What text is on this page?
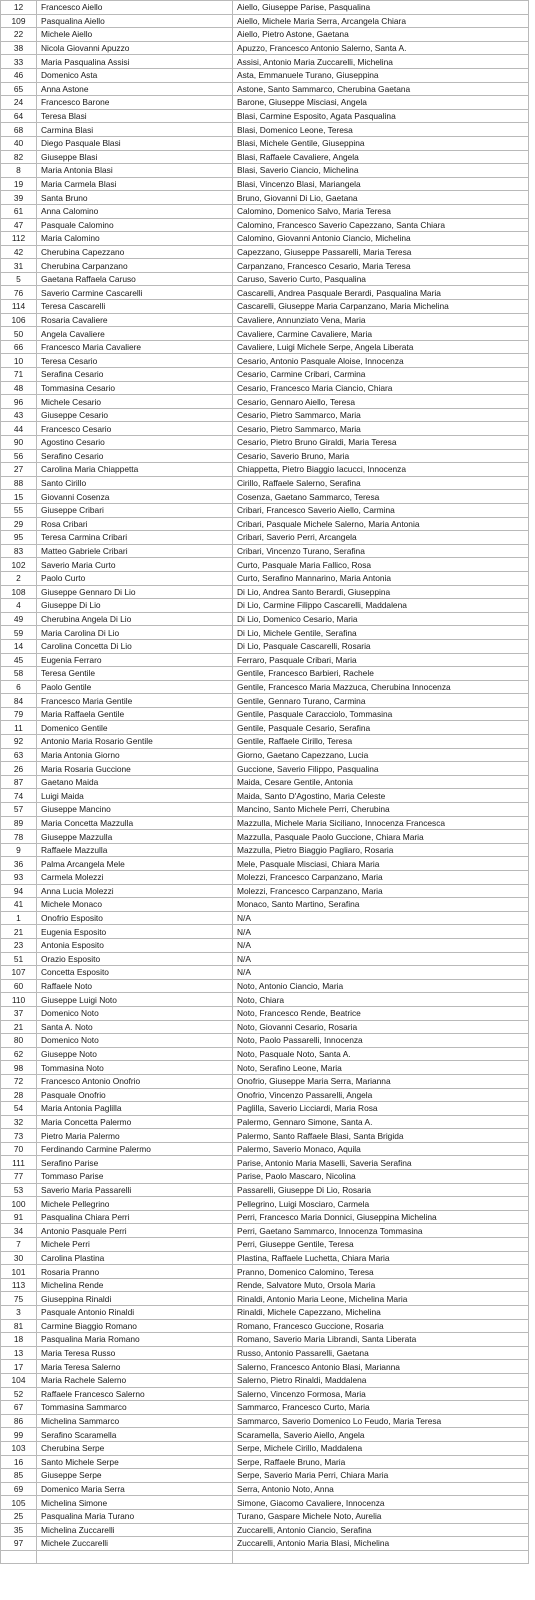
12	Francesco Aiello	Aiello, Giuseppe Parise, Pasqualina
109	Pasqualina Aiello	Aiello, Michele Maria Serra, Arcangela Chiara
22	Michele Aiello	Aiello, Pietro Astone, Gaetana
38	Nicola Giovanni Apuzzo	Apuzzo, Francesco Antonio Salerno, Santa A.
33	Maria Pasqualina Assisi	Assisi, Antonio Maria Zuccarelli, Michelina
46	Domenico Asta	Asta, Emmanuele Turano, Giuseppina
65	Anna Astone	Astone, Santo Sammarco, Cherubina Gaetana
24	Francesco Barone	Barone, Giuseppe Misciasi, Angela
64	Teresa Blasi	Blasi, Carmine Esposito, Agata Pasqualina
68	Carmina Blasi	Blasi, Domenico Leone, Teresa
40	Diego Pasquale Blasi	Blasi, Michele Gentile, Giuseppina
82	Giuseppe Blasi	Blasi, Raffaele Cavaliere, Angela
8	Maria Antonia Blasi	Blasi, Saverio Ciancio, Michelina
19	Maria Carmela Blasi	Blasi, Vincenzo Blasi, Mariangela
39	Santa Bruno	Bruno, Giovanni Di Lio, Gaetana
61	Anna Calomino	Calomino, Domenico Salvo, Maria Teresa
47	Pasquale Calomino	Calomino, Francesco Saverio Capezzano, Santa Chiara
112	Maria Calomino	Calomino, Giovanni Antonio Ciancio, Michelina
42	Cherubina Capezzano	Capezzano, Giuseppe Passarelli, Maria Teresa
31	Cherubina Carpanzano	Carpanzano, Francesco Cesario, Maria Teresa
5	Gaetana Raffaela Caruso	Caruso, Saverio Curto, Pasqualina
76	Saverio Carmine Cascarelli	Cascarelli, Andrea Pasquale Berardi, Pasqualina Maria
114	Teresa Cascarelli	Cascarelli, Giuseppe Maria Carpanzano, Maria Michelina
106	Rosaria Cavaliere	Cavaliere, Annunziato Vena, Maria
50	Angela Cavaliere	Cavaliere, Carmine Cavaliere, Maria
66	Francesco Maria Cavaliere	Cavaliere, Luigi Michele Serpe, Angela Liberata
10	Teresa Cesario	Cesario, Antonio Pasquale Aloise, Innocenza
71	Serafina Cesario	Cesario, Carmine Cribari, Carmina
48	Tommasina Cesario	Cesario, Francesco Maria Ciancio, Chiara
96	Michele Cesario	Cesario, Gennaro Aiello, Teresa
43	Giuseppe Cesario	Cesario, Pietro Sammarco, Maria
44	Francesco Cesario	Cesario, Pietro Sammarco, Maria
90	Agostino Cesario	Cesario, Pietro Bruno Giraldi, Maria Teresa
56	Serafino Cesario	Cesario, Saverio Bruno, Maria
27	Carolina Maria Chiappetta	Chiappetta, Pietro Biaggio Iacucci, Innocenza
88	Santo Cirillo	Cirillo, Raffaele Salerno, Serafina
15	Giovanni Cosenza	Cosenza, Gaetano Sammarco, Teresa
55	Giuseppe Cribari	Cribari, Francesco Saverio Aiello, Carmina
29	Rosa Cribari	Cribari, Pasquale Michele Salerno, Maria Antonia
95	Teresa Carmina Cribari	Cribari, Saverio Perri, Arcangela
83	Matteo Gabriele Cribari	Cribari, Vincenzo Turano, Serafina
102	Saverio Maria Curto	Curto, Pasquale Maria Fallico, Rosa
2	Paolo Curto	Curto, Serafino Mannarino, Maria Antonia
108	Giuseppe Gennaro Di Lio	Di Lio, Andrea Santo Berardi, Giuseppina
4	Giuseppe Di Lio	Di Lio, Carmine Filippo Cascarelli, Maddalena
49	Cherubina Angela Di Lio	Di Lio, Domenico Cesario, Maria
59	Maria Carolina Di Lio	Di Lio, Michele Gentile, Serafina
14	Carolina Concetta Di Lio	Di Lio, Pasquale Cascarelli, Rosaria
45	Eugenia Ferraro	Ferraro, Pasquale Cribari, Maria
58	Teresa Gentile	Gentile, Francesco Barbieri, Rachele
6	Paolo Gentile	Gentile, Francesco Maria Mazzuca, Cherubina Innocenza
84	Francesco Maria Gentile	Gentile, Gennaro Turano, Carmina
79	Maria Raffaela Gentile	Gentile, Pasquale Caracciolo, Tommasina
11	Domenico Gentile	Gentile, Pasquale Cesario, Serafina
92	Antonio Maria Rosario Gentile	Gentile, Raffaele Cirillo, Teresa
63	Maria Antonia Giorno	Giorno, Gaetano Capezzano, Lucia
26	Maria Rosaria Guccione	Guccione, Saverio Filippo, Pasqualina
87	Gaetano Maida	Maida, Cesare Gentile, Antonia
74	Luigi Maida	Maida, Santo D'Agostino, Maria Celeste
57	Giuseppe Mancino	Mancino, Santo Michele Perri, Cherubina
89	Maria Concetta Mazzulla	Mazzulla, Michele Maria Siciliano, Innocenza Francesca
78	Giuseppe Mazzulla	Mazzulla, Pasquale Paolo Guccione, Chiara Maria
9	Raffaele Mazzulla	Mazzulla, Pietro Biaggio Pagliaro, Rosaria
36	Palma Arcangela Mele	Mele, Pasquale Misciasi, Chiara Maria
93	Carmela Molezzi	Molezzi, Francesco Carpanzano, Maria
94	Anna Lucia Molezzi	Molezzi, Francesco Carpanzano, Maria
41	Michele Monaco	Monaco, Santo Martino, Serafina
1	Onofrio Esposito	N/A
21	Eugenia Esposito	N/A
23	Antonia Esposito	N/A
51	Orazio Esposito	N/A
107	Concetta Esposito	N/A
60	Raffaele Noto	Noto, Antonio Ciancio, Maria
110	Giuseppe Luigi Noto	Noto, Chiara
37	Domenico Noto	Noto, Francesco Rende, Beatrice
21	Santa A. Noto	Noto, Giovanni Cesario, Rosaria
80	Domenico Noto	Noto, Paolo Passarelli, Innocenza
62	Giuseppe Noto	Noto, Pasquale Noto, Santa A.
98	Tommasina Noto	Noto, Serafino Leone, Maria
72	Francesco Antonio Onofrio	Onofrio, Giuseppe Maria Serra, Marianna
28	Pasquale Onofrio	Onofrio, Vincenzo Passarelli, Angela
54	Maria Antonia Paglilla	Paglilla, Saverio Licciardi, Maria Rosa
32	Maria Concetta Palermo	Palermo, Gennaro Simone, Santa A.
73	Pietro Maria Palermo	Palermo, Santo Raffaele Blasi, Santa Brigida
70	Ferdinando Carmine Palermo	Palermo, Saverio Monaco, Aquila
111	Serafino Parise	Parise, Antonio Maria Maselli, Saveria Serafina
77	Tommaso Parise	Parise, Paolo Mascaro, Nicolina
53	Saverio Maria Passarelli	Passarelli, Giuseppe Di Lio, Rosaria
100	Michele Pellegrino	Pellegrino, Luigi Mosciaro, Carmela
91	Pasqualina Chiara Perri	Perri, Francesco Maria Donnici, Giuseppina Michelina
34	Antonio Pasquale Perri	Perri, Gaetano Sammarco, Innocenza Tommasina
7	Michele Perri	Perri, Giuseppe Gentile, Teresa
30	Carolina Plastina	Plastina, Raffaele Luchetta, Chiara Maria
101	Rosaria Pranno	Pranno, Domenico Calomino, Teresa
113	Michelina Rende	Rende, Salvatore Muto, Orsola Maria
75	Giuseppina Rinaldi	Rinaldi, Antonio Maria Leone, Michelina Maria
3	Pasquale Antonio Rinaldi	Rinaldi, Michele Capezzano, Michelina
81	Carmine Biaggio Romano	Romano, Francesco Guccione, Rosaria
18	Pasqualina Maria Romano	Romano, Saverio Maria Librandi, Santa Liberata
13	Maria Teresa Russo	Russo, Antonio Passarelli, Gaetana
17	Maria Teresa Salerno	Salerno, Francesco Antonio Blasi, Marianna
104	Maria Rachele Salerno	Salerno, Pietro Rinaldi, Maddalena
52	Raffaele Francesco Salerno	Salerno, Vincenzo Formosa, Maria
67	Tommasina Sammarco	Sammarco, Francesco Curto, Maria
86	Michelina Sammarco	Sammarco, Saverio Domenico Lo Feudo, Maria Teresa
99	Serafino Scaramella	Scaramella, Saverio Aiello, Angela
103	Cherubina Serpe	Serpe, Michele Cirillo, Maddalena
16	Santo Michele Serpe	Serpe, Raffaele Bruno, Maria
85	Giuseppe Serpe	Serpe, Saverio Maria Perri, Chiara Maria
69	Domenico Maria Serra	Serra, Antonio Noto, Anna
105	Michelina Simone	Simone, Giacomo Cavaliere, Innocenza
25	Pasqualina Maria Turano	Turano, Gaspare Michele Noto, Aurelia
35	Michelina Zuccarelli	Zuccarelli, Antonio Ciancio, Serafina
97	Michele Zuccarelli	Zuccarelli, Antonio Maria Blasi, Michelina
